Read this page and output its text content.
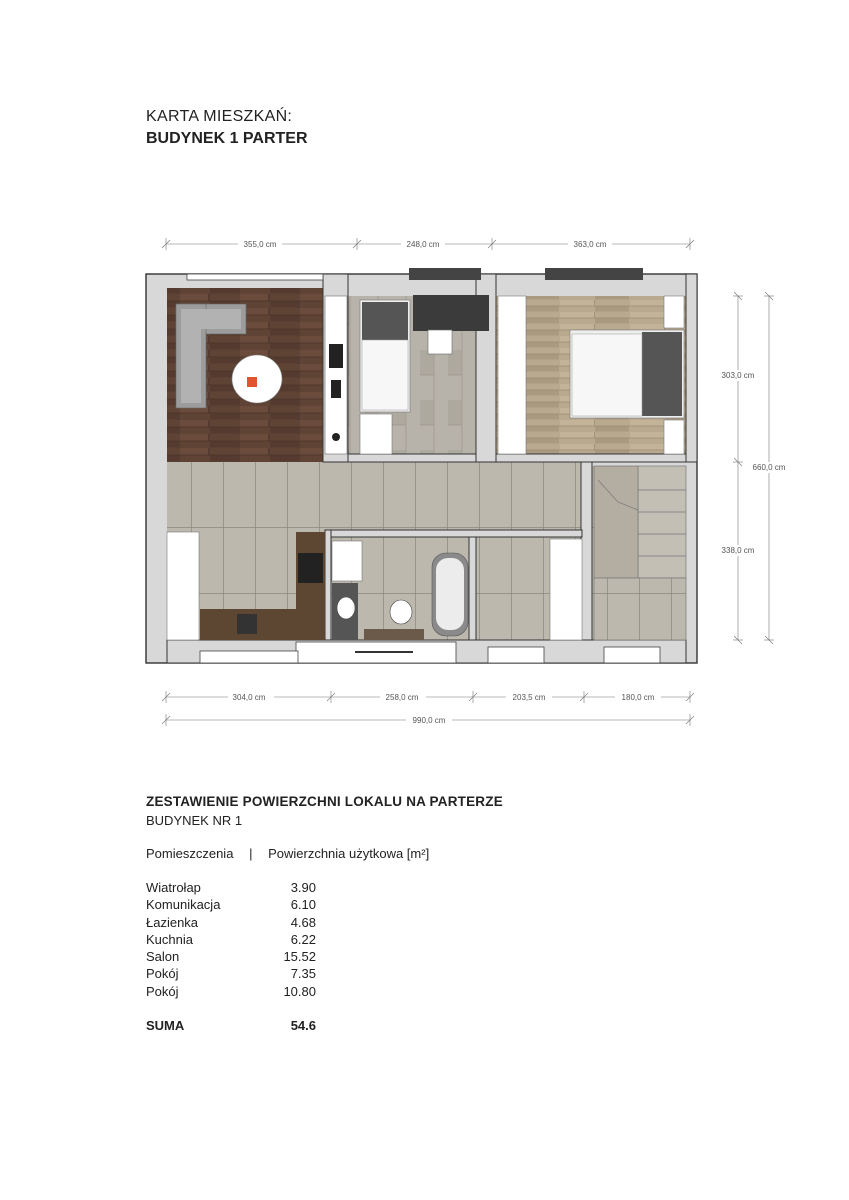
KARTA MIESZKAŃ:
BUDYNEK 1 PARTER
355,0 cm	248,0 cm	363,0 cm
303,0 cm
660,0 cm
338,0 cm
304,0 cm	258,0 cm	203,5 cm	180,0 cm
990,0 cm
ZESTAWIENIE POWIERZCHNI LOKALU NA PARTERZE
BUDYNEK NR 1
Pomieszczenia | Powierzchnia użytkowa [m²]
Wiatrołap	3.90
Komunikacja	6.10
Łazienka	4.68
Kuchnia	6.22
Salon	15.52
Pokój	7.35
Pokój	10.80
SUMA	54.6
